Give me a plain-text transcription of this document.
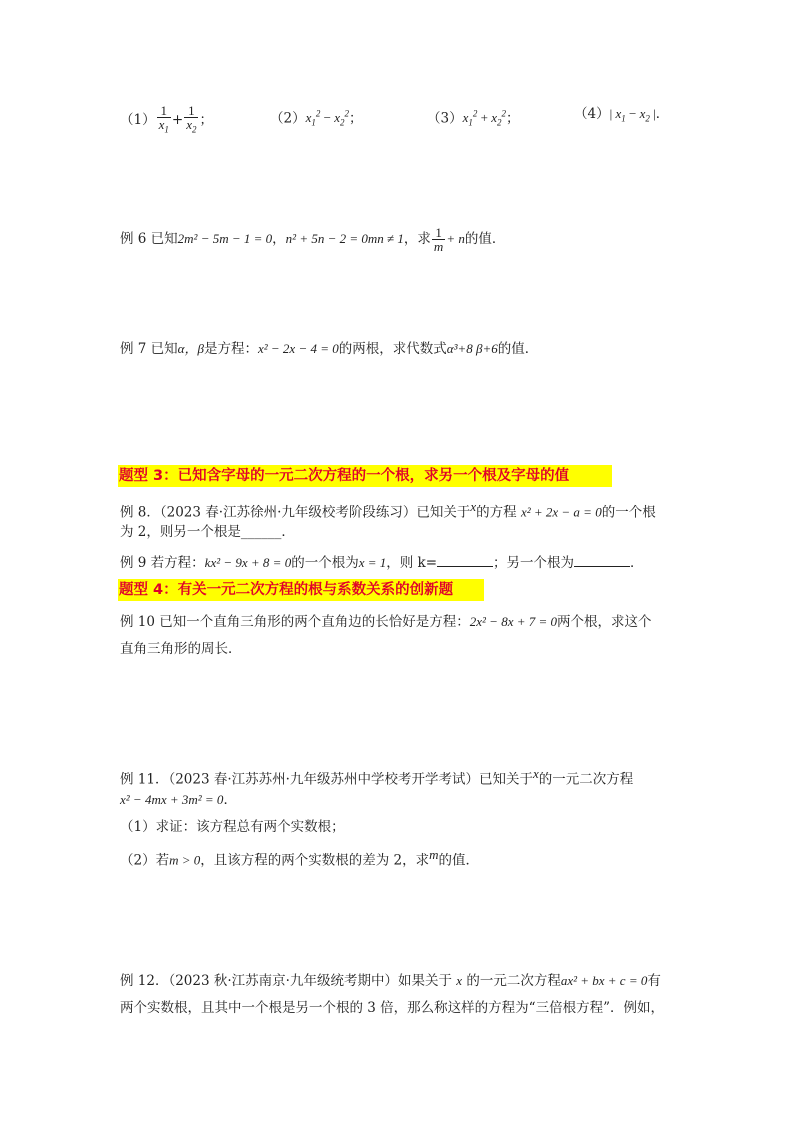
$(1) \frac{1}{x_1} + \frac{1}{x_2}$ ；	$(2)x_1^2 - x_2^2$；	$(3)x_1^2 + x_2^2$；	（4）| $x_1 - x_2$ |．
例 6 已知2m² − 5m − 1 = 0，n² + 5n − 2 = 0mn ≠ 1，求 $\frac{1}{m} + n$的值．
例 7 已知α，β是方程：x² − 2x − 4 = 0的两根，求代数式α³+8 β+6的值．
题型 3：已知含字母的一元二次方程的一个根，求另一个根及字母的值
例 8．（2023 春·江苏徐州·九年级校考阶段练习）已知关于$^x$的方程 x² + 2x − a = 0的一个根
为 2，则另一个根是______．
例 9 若方程：kx² − 9x + 8 = 0的一个根为x = 1，则 k=	；另一个根为	．
题型 4：有关一元二次方程的根与系数关系的创新题
例 10 已知一个直角三角形的两个直角边的长恰好是方程：2x² − 8x + 7 = 0两个根，求这个
直角三角形的周长．
例 11．（2023 春·江苏苏州·九年级苏州中学校考开学考试）已知关于$^x$的一元二次方程
x² − 4mx + 3m² = 0．
（1）求证：该方程总有两个实数根；
（2）若m > 0，且该方程的两个实数根的差为 2，求$^m$的值．
例 12．（2023 秋·江苏南京·九年级统考期中）如果关于 x 的一元二次方程ax² + bx + c = 0有
两个实数根，且其中一个根是另一个根的 3 倍，那么称这样的方程为“三倍根方程”．例如，
